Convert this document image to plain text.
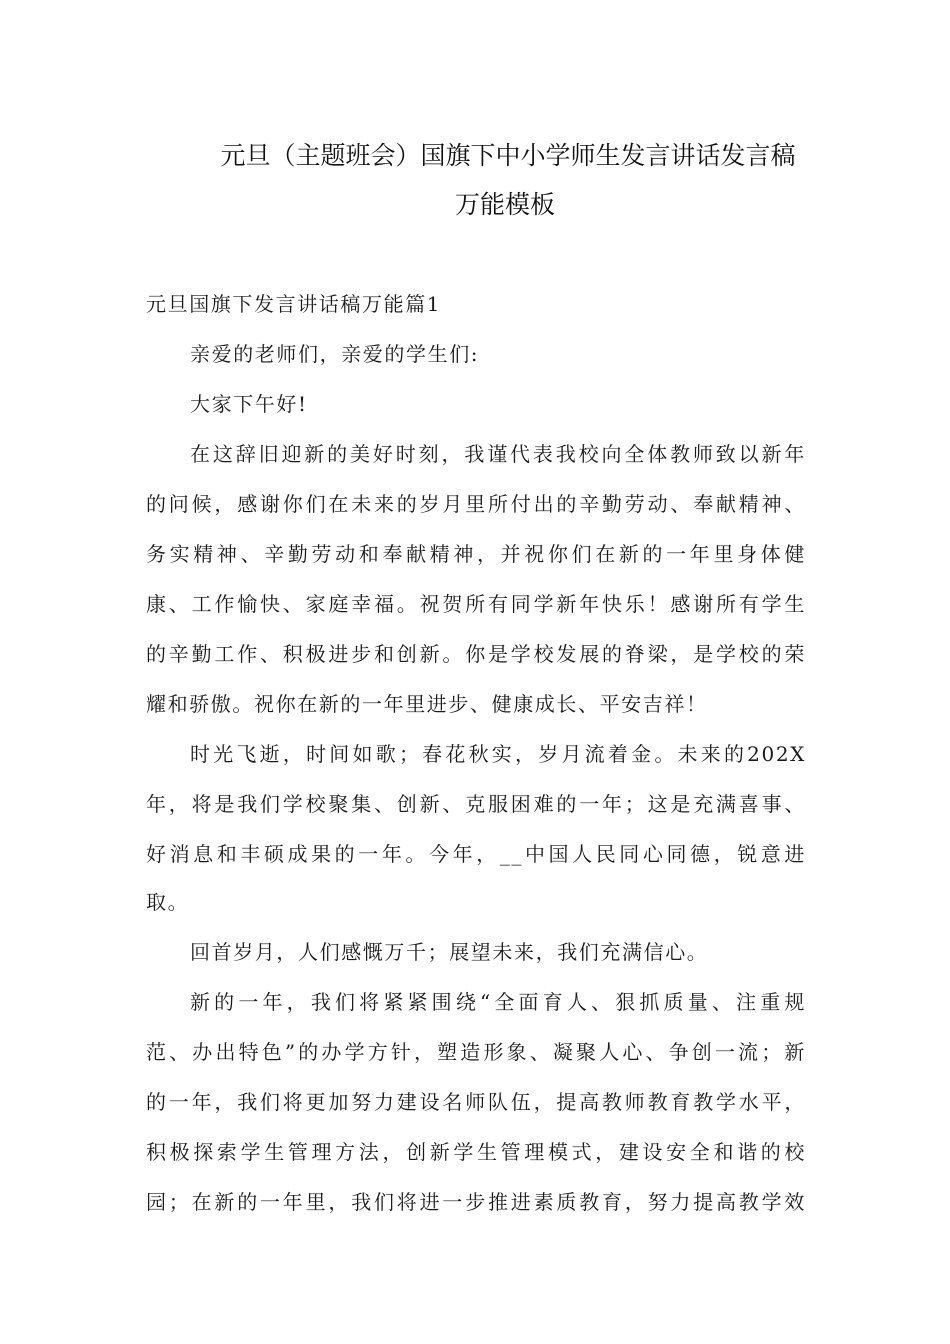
元旦（主题班会）国旗下中小学师生发言讲话发言稿
万能模板
元旦国旗下发言讲话稿万能篇1
亲爱的老师们，亲爱的学生们:
大家下午好!
在这辞旧迎新的美好时刻，我谨代表我校向全体教师致以新年
的问候，感谢你们在未来的岁月里所付出的辛勤劳动、奉献精神、
务实精神、辛勤劳动和奉献精神，并祝你们在新的一年里身体健
康、工作愉快、家庭幸福。祝贺所有同学新年快乐！感谢所有学生
的辛勤工作、积极进步和创新。你是学校发展的脊梁，是学校的荣
耀和骄傲。祝你在新的一年里进步、健康成长、平安吉祥！
时光飞逝，时间如歌；春花秋实，岁月流着金。未来的202X
年，将是我们学校聚集、创新、克服困难的一年；这是充满喜事、
好消息和丰硕成果的一年。今年，__中国人民同心同德，锐意进
取。
回首岁月，人们感慨万千；展望未来，我们充满信心。
新的一年，我们将紧紧围绕“全面育人、狠抓质量、注重规
范、办出特色”的办学方针，塑造形象、凝聚人心、争创一流；新
的一年，我们将更加努力建设名师队伍，提高教师教育教学水平，
积极探索学生管理方法，创新学生管理模式，建设安全和谐的校
园；在新的一年里，我们将进一步推进素质教育，努力提高教学效
